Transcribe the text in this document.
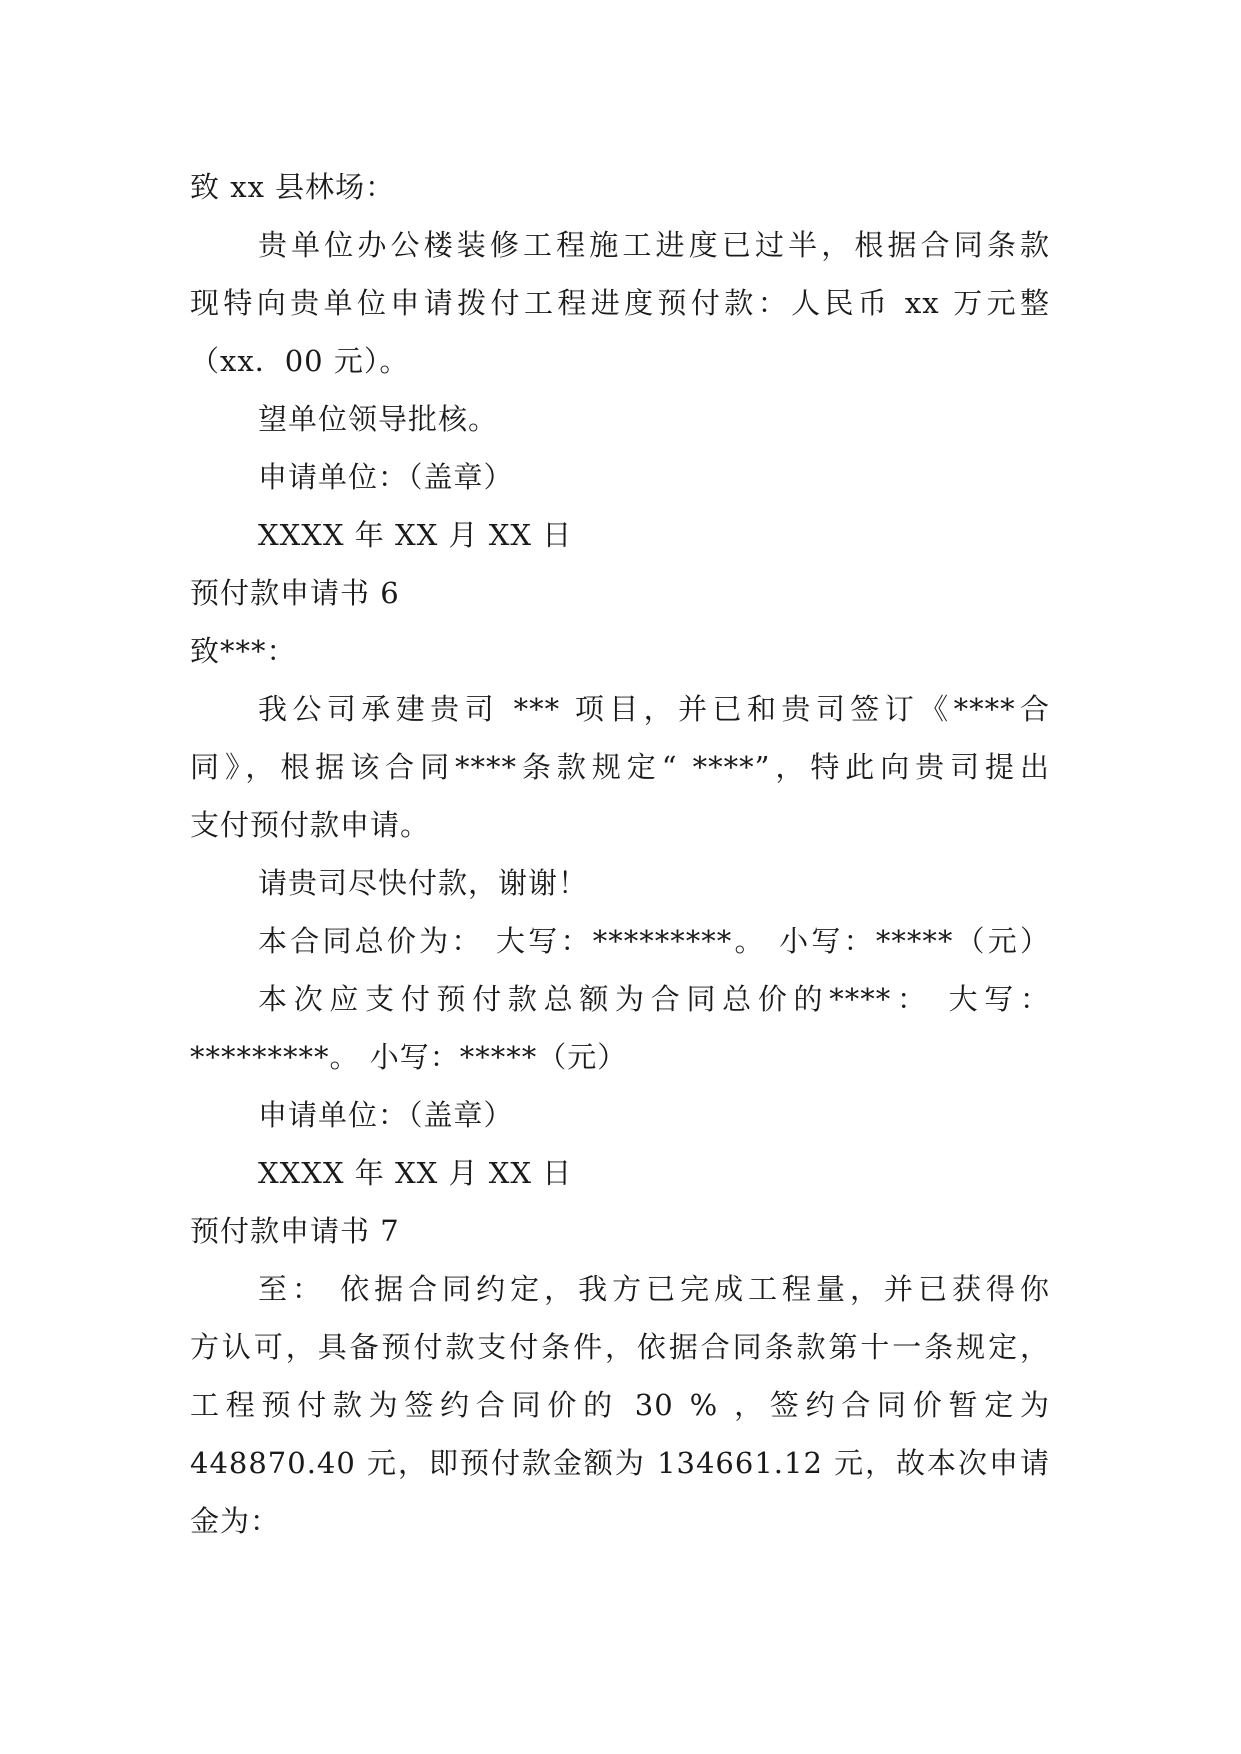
致 xx 县林场：
贵单位办公楼装修工程施工进度已过半，根据合同条款
现特向贵单位申请拨付工程进度预付款：人民币 xx 万元整
（xx．00 元）。
望单位领导批核。
申请单位：（盖章）
XXXX 年 XX 月 XX 日
预付款申请书 6
致***：
我公司承建贵司 *** 项目，并已和贵司签订《****合
同》，根据该合同****条款规定“ ****”，特此向贵司提出
支付预付款申请。
请贵司尽快付款，谢谢！
本合同总价为： 大写：*********。 小写：*****（元）
本次应支付预付款总额为合同总价的****： 大写：
*********。 小写：*****（元）
申请单位：（盖章）
XXXX 年 XX 月 XX 日
预付款申请书 7
至： 依据合同约定，我方已完成工程量，并已获得你
方认可，具备预付款支付条件，依据合同条款第十一条规定，
工程预付款为签约合同价的 30 % ，签约合同价暂定为
448870.40 元，即预付款金额为 134661.12 元，故本次申请
金为：
